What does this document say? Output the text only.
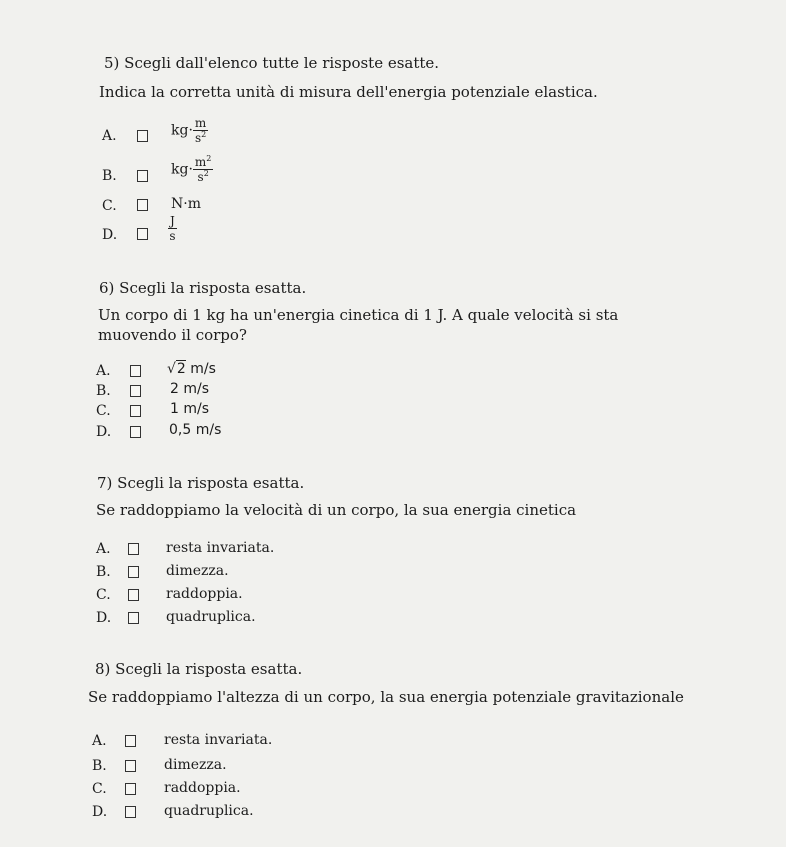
5) Scegli dall'elenco tutte le risposte esatte.
Indica la corretta unità di misura dell'energia potenziale elastica.
A.	$kg\cdot \frac{m}{s^2}$
B.	$kg\cdot \frac{m^2}{s^2}$
C.	N·m
D.	$\frac{J}{s}$
6) Scegli la risposta esatta.
Un corpo di 1 kg ha un'energia cinetica di 1 J. A quale velocità si sta
muovendo il corpo?
A.	√2 m/s
B.	2 m/s
C.	1 m/s
D.	0,5 m/s
7) Scegli la risposta esatta.
Se raddoppiamo la velocità di un corpo, la sua energia cinetica
A.	resta invariata.
B.	dimezza.
C.	raddoppia.
D.	quadruplica.
8) Scegli la risposta esatta.
Se raddoppiamo l'altezza di un corpo, la sua energia potenziale gravitazionale
A.	resta invariata.
B.	dimezza.
C.	raddoppia.
D.	quadruplica.
